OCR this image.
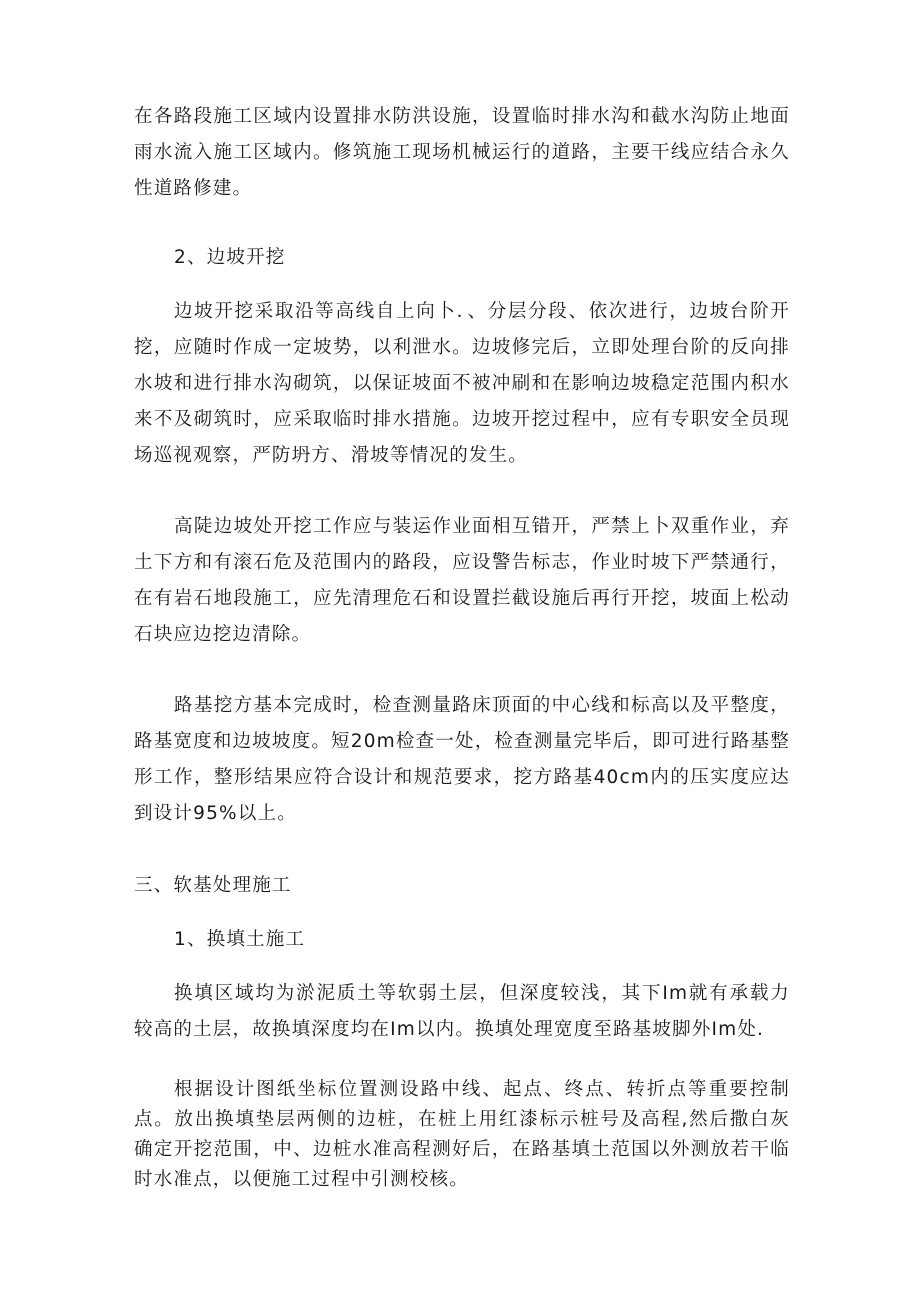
在各路段施工区域内设置排水防洪设施，设置临时排水沟和截水沟防止地面雨水流入施工区域内。修筑施工现场机械运行的道路，主要干线应结合永久性道路修建。

2、边坡开挖

边坡开挖采取沿等高线自上向卜．、分层分段、依次进行，边坡台阶开挖，应随时作成一定坡势，以利泄水。边坡修完后，立即处理台阶的反向排水坡和进行排水沟砌筑，以保证坡面不被冲刷和在影响边坡稳定范围内积水来不及砌筑时，应采取临时排水措施。边坡开挖过程中，应有专职安全员现场巡视观察，严防坍方、滑坡等情况的发生。

高陡边坡处开挖工作应与装运作业面相互错开，严禁上卜双重作业，弃土下方和有滚石危及范围内的路段，应设警告标志，作业时坡下严禁通行，在有岩石地段施工，应先清理危石和设置拦截设施后再行开挖，坡面上松动石块应边挖边清除。

路基挖方基本完成时，检查测量路床顶面的中心线和标高以及平整度，路基宽度和边坡坡度。短20m检查一处，检查测量完毕后，即可进行路基整形工作，整形结果应符合设计和规范要求，挖方路基40cm内的压实度应达到设计95%以上。

三、软基处理施工

1、换填土施工

换填区域均为淤泥质土等软弱土层，但深度较浅，其下Im就有承载力较高的土层，故换填深度均在Im以内。换填处理宽度至路基坡脚外Im处.

根据设计图纸坐标位置测设路中线、起点、终点、转折点等重要控制点。放出换填垫层两侧的边桩，在桩上用红漆标示桩号及高程,然后撒白灰确定开挖范围，中、边桩水准高程测好后，在路基填土范国以外测放若干临时水准点，以便施工过程中引测校核。
